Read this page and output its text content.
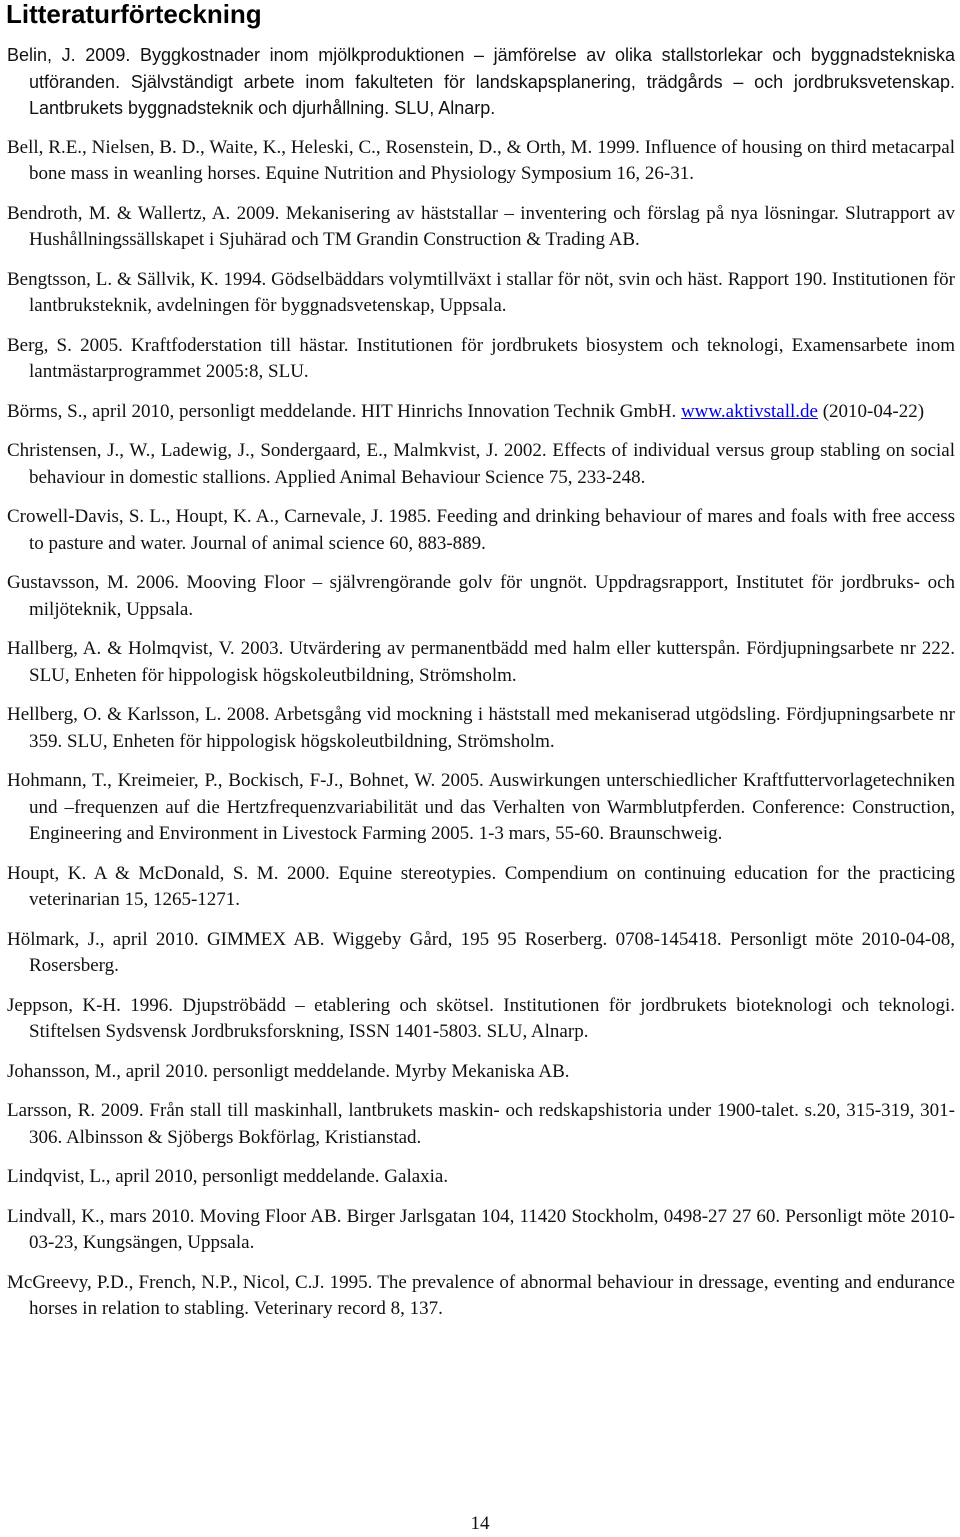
Litteraturförteckning

Belin, J. 2009. Byggkostnader inom mjölkproduktionen – jämförelse av olika stallstorlekar och byggnadstekniska utföranden. Självständigt arbete inom fakulteten för landskapsplanering, trädgårds – och jordbruksvetenskap. Lantbrukets byggnadsteknik och djurhållning. SLU, Alnarp.

Bell, R.E., Nielsen, B. D., Waite, K., Heleski, C., Rosenstein, D., & Orth, M. 1999. Influence of housing on third metacarpal bone mass in weanling horses. Equine Nutrition and Physiology Symposium 16, 26-31.

Bendroth, M. & Wallertz, A. 2009. Mekanisering av häststallar – inventering och förslag på nya lösningar. Slutrapport av Hushållningssällskapet i Sjuhärad och TM Grandin Construction & Trading AB.

Bengtsson, L. & Sällvik, K. 1994. Gödselbäddars volymtillväxt i stallar för nöt, svin och häst. Rapport 190. Institutionen för lantbruksteknik, avdelningen för byggnadsvetenskap, Uppsala.

Berg, S. 2005. Kraftfoderstation till hästar. Institutionen för jordbrukets biosystem och teknologi, Examensarbete inom lantmästarprogrammet 2005:8, SLU.

Börms, S., april 2010, personligt meddelande. HIT Hinrichs Innovation Technik GmbH. www.aktivstall.de (2010-04-22)

Christensen, J., W., Ladewig, J., Sondergaard, E., Malmkvist, J. 2002. Effects of individual versus group stabling on social behaviour in domestic stallions. Applied Animal Behaviour Science 75, 233-248.

Crowell-Davis, S. L., Houpt, K. A., Carnevale, J. 1985. Feeding and drinking behaviour of mares and foals with free access to pasture and water. Journal of animal science 60, 883-889.

Gustavsson, M. 2006. Mooving Floor – självrengörande golv för ungnöt. Uppdragsrapport, Institutet för jordbruks- och miljöteknik, Uppsala.

Hallberg, A. & Holmqvist, V. 2003. Utvärdering av permanentbädd med halm eller kutterspån. Fördjupningsarbete nr 222. SLU, Enheten för hippologisk högskoleutbildning, Strömsholm.

Hellberg, O. & Karlsson, L. 2008. Arbetsgång vid mockning i häststall med mekaniserad utgödsling. Fördjupningsarbete nr 359. SLU, Enheten för hippologisk högskoleutbildning, Strömsholm.

Hohmann, T., Kreimeier, P., Bockisch, F-J., Bohnet, W. 2005. Auswirkungen unterschiedlicher Kraftfuttervorlagetechniken und –frequenzen auf die Hertzfrequenzvariabilität und das Verhalten von Warmblutpferden. Conference: Construction, Engineering and Environment in Livestock Farming 2005. 1-3 mars, 55-60. Braunschweig.

Houpt, K. A & McDonald, S. M. 2000. Equine stereotypies. Compendium on continuing education for the practicing veterinarian 15, 1265-1271.

Hölmark, J., april 2010. GIMMEX AB. Wiggeby Gård, 195 95 Roserberg. 0708-145418. Personligt möte 2010-04-08, Rosersberg.

Jeppson, K-H. 1996. Djupströbädd – etablering och skötsel. Institutionen för jordbrukets bioteknologi och teknologi. Stiftelsen Sydsvensk Jordbruksforskning, ISSN 1401-5803. SLU, Alnarp.

Johansson, M., april 2010. personligt meddelande. Myrby Mekaniska AB.

Larsson, R. 2009. Från stall till maskinhall, lantbrukets maskin- och redskapshistoria under 1900-talet. s.20, 315-319, 301-306. Albinsson & Sjöbergs Bokförlag, Kristianstad.

Lindqvist, L., april 2010, personligt meddelande. Galaxia.

Lindvall, K., mars 2010. Moving Floor AB. Birger Jarlsgatan 104, 11420 Stockholm, 0498-27 27 60. Personligt möte 2010-03-23, Kungsängen, Uppsala.

McGreevy, P.D., French, N.P., Nicol, C.J. 1995. The prevalence of abnormal behaviour in dressage, eventing and endurance horses in relation to stabling. Veterinary record 8, 137.

14
